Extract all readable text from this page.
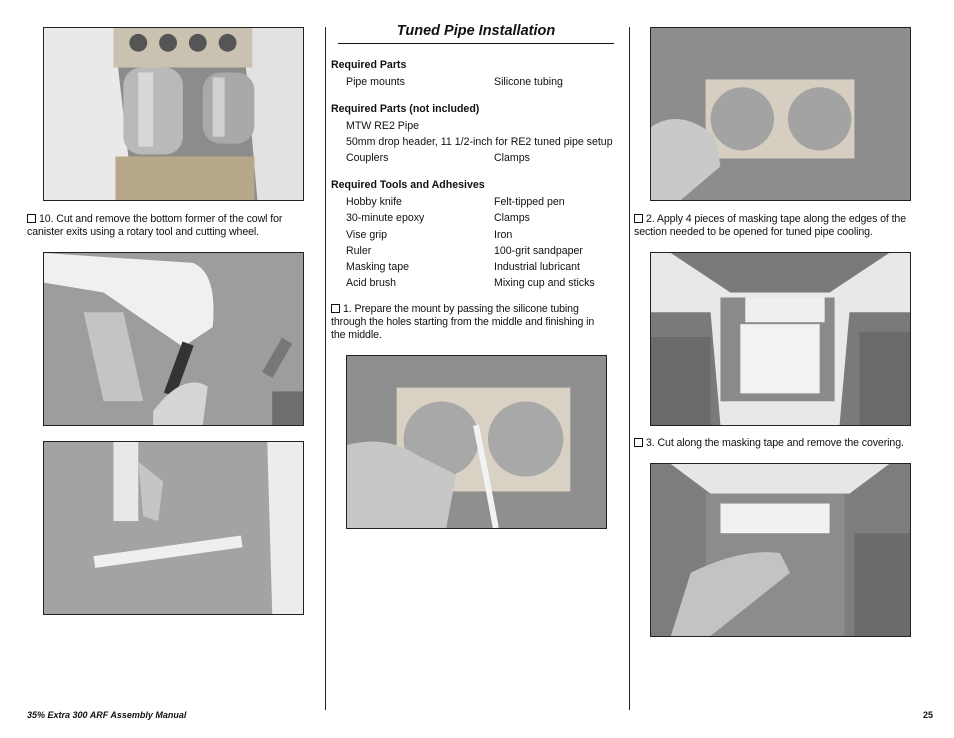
10. Cut and remove the bottom former of the cowl for
canister exits using a rotary tool and cutting wheel.
Tuned Pipe Installation
Required Parts
Pipe mounts	Silicone tubing
Required Parts (not included)
MTW RE2 Pipe
50mm drop header, 11 1/2-inch for RE2 tuned pipe setup
Couplers	Clamps
Required Tools and Adhesives
Hobby knife	Felt-tipped pen
30-minute epoxy	Clamps
Vise grip	Iron
Ruler	100-grit sandpaper
Masking tape	Industrial lubricant
Acid brush	Mixing cup and sticks
1. Prepare the mount by passing the silicone tubing
through the holes starting from the middle and finishing in
the middle.
2. Apply 4 pieces of masking tape along the edges of the
section needed to be opened for tuned pipe cooling.
3. Cut along the masking tape and remove the covering.
35% Extra 300 ARF Assembly Manual	25
